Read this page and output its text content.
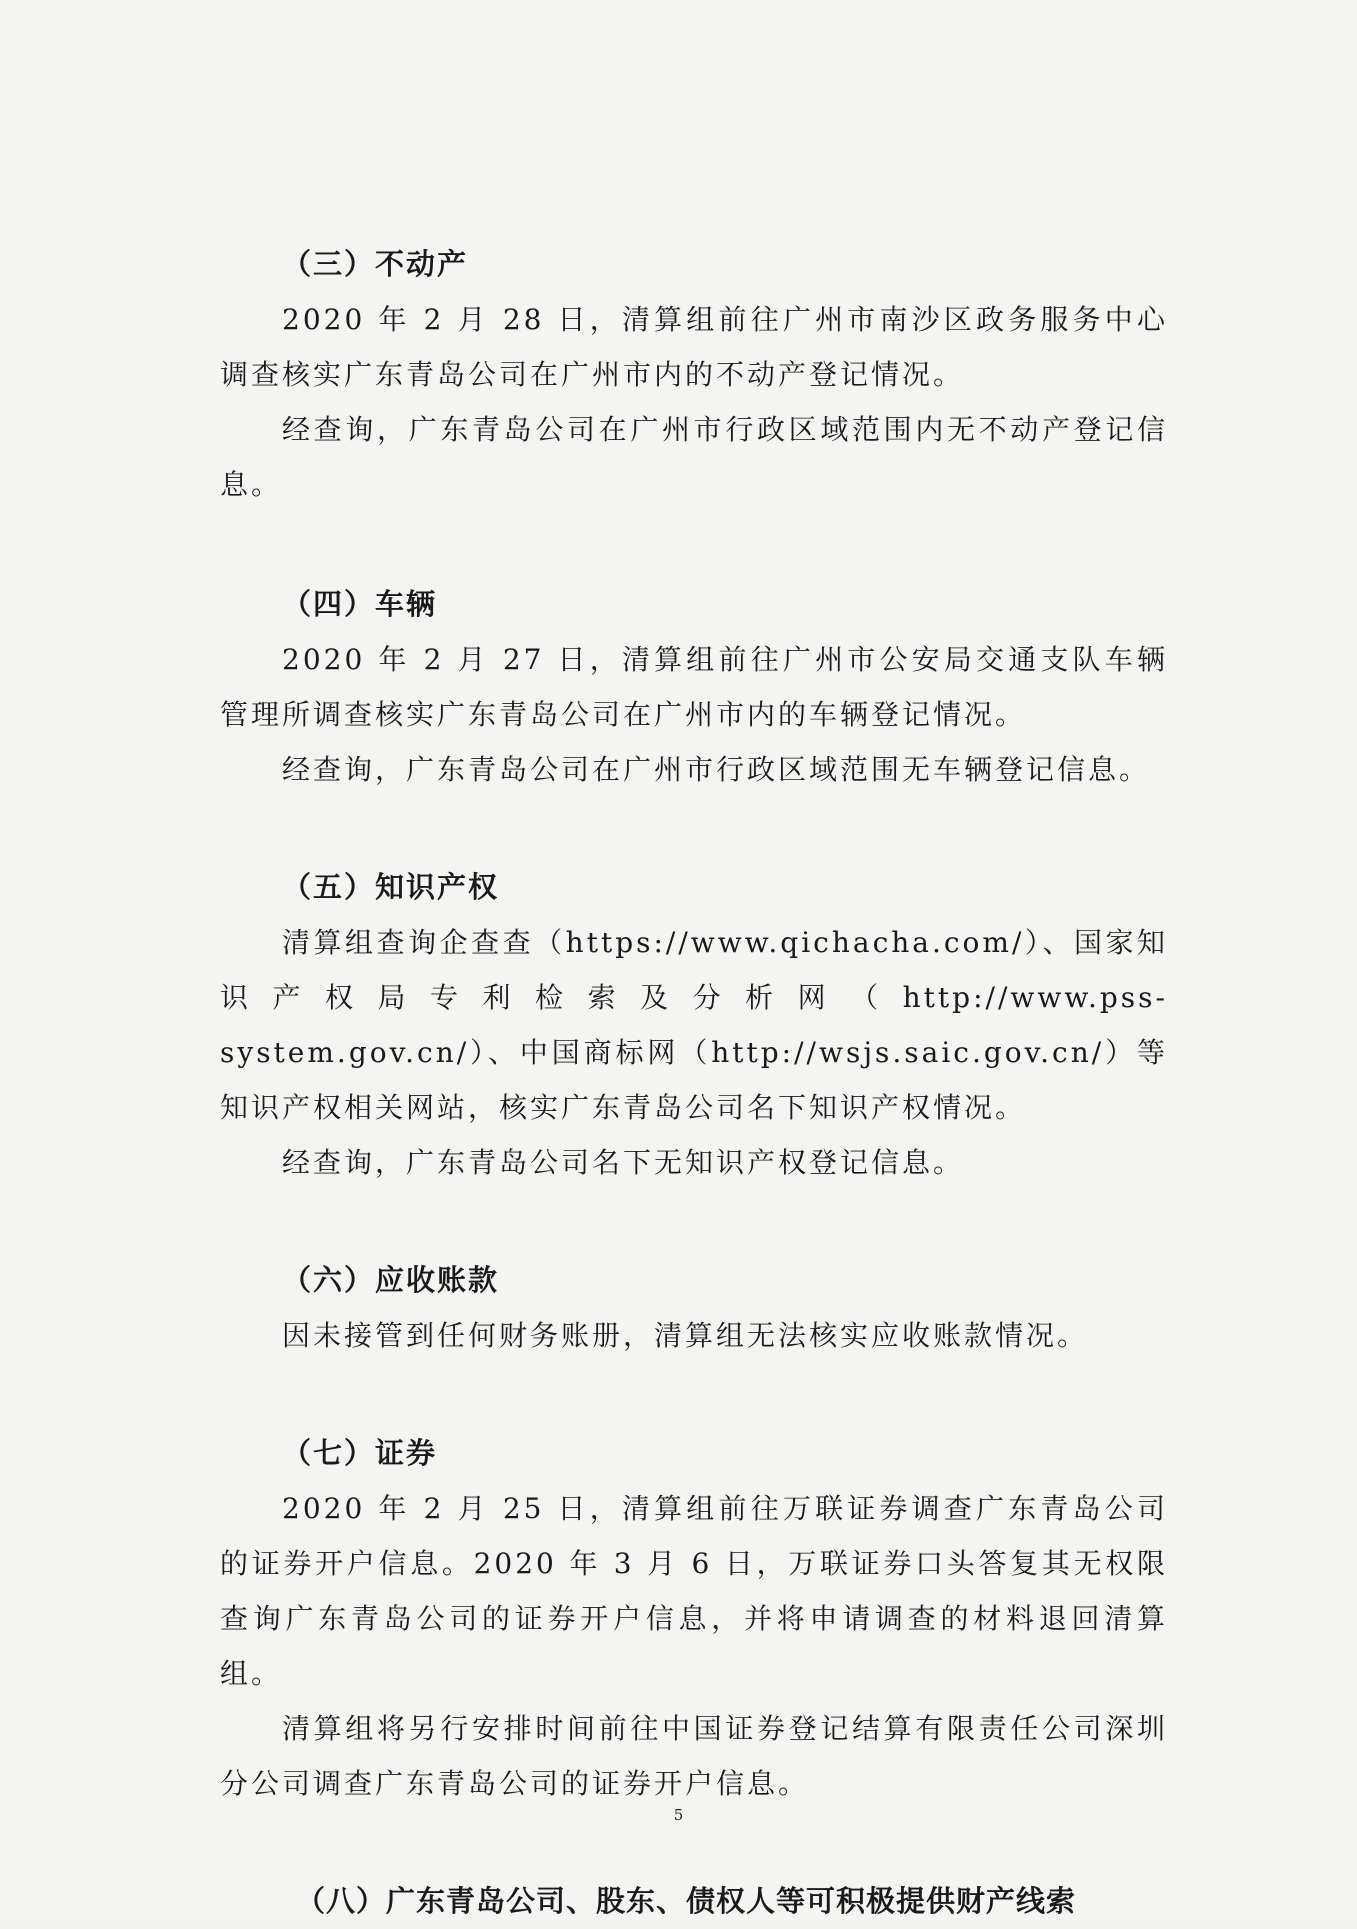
（三）不动产

2020 年 2 月 28 日，清算组前往广州市南沙区政务服务中心调查核实广东青岛公司在广州市内的不动产登记情况。

经查询，广东青岛公司在广州市行政区域范围内无不动产登记信息。

（四）车辆

2020 年 2 月 27 日，清算组前往广州市公安局交通支队车辆管理所调查核实广东青岛公司在广州市内的车辆登记情况。

经查询，广东青岛公司在广州市行政区域范围无车辆登记信息。

（五）知识产权

清算组查询企查查（https://www.qichacha.com/）、国家知识产权局专利检索及分析网（http://www.pss-system.gov.cn/）、中国商标网（http://wsjs.saic.gov.cn/）等知识产权相关网站，核实广东青岛公司名下知识产权情况。

经查询，广东青岛公司名下无知识产权登记信息。

（六）应收账款

因未接管到任何财务账册，清算组无法核实应收账款情况。

（七）证券

2020 年 2 月 25 日，清算组前往万联证券调查广东青岛公司的证券开户信息。2020 年 3 月 6 日，万联证券口头答复其无权限查询广东青岛公司的证券开户信息，并将申请调查的材料退回清算组。

清算组将另行安排时间前往中国证券登记结算有限责任公司深圳分公司调查广东青岛公司的证券开户信息。

（八）广东青岛公司、股东、债权人等可积极提供财产线索
5
